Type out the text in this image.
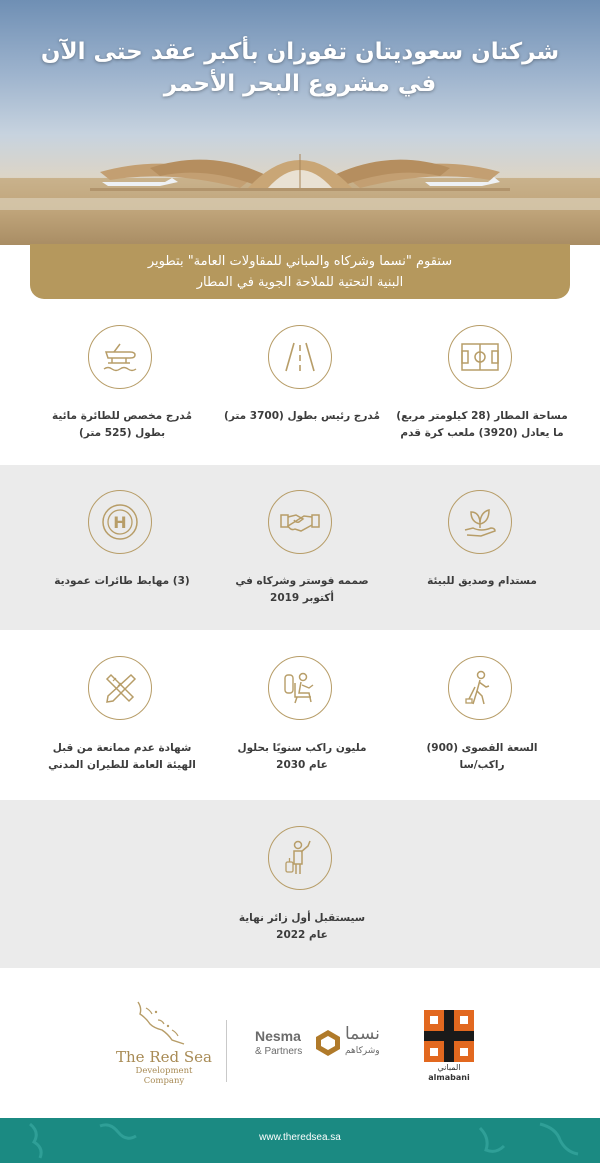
شركتان سعوديتان تفوزان بأكبر عقد حتى الآن
في مشروع البحر الأحمر
ستقوم "نسما وشركاه والمباني للمقاولات العامة" بتطوير
البنية التحتية للملاحة الجوية في المطار
مساحة المطار (28 كيلومتر مربع)
ما يعادل (3920) ملعب كرة قدم
مُدرج رئيس بطول (3700 متر)
مُدرج مخصص للطائرة مائية
بطول (525 متر)
مستدام وصديق للبيئة
صممه فوستر وشركاه في
أكتوبر 2019
H
(3) مهابط طائرات عمودية
السعة القصوى (900)
راكب/سا
مليون راكب سنويًا بحلول
عام 2030
شهادة عدم ممانعة من قبل
الهيئة العامة للطيران المدني
سيستقبل أول زائر نهاية
عام 2022
The Red Sea
Development
Company
Nesma
& Partners
نسما
وشركاهم
المباني
almabani
www.theredsea.sa
